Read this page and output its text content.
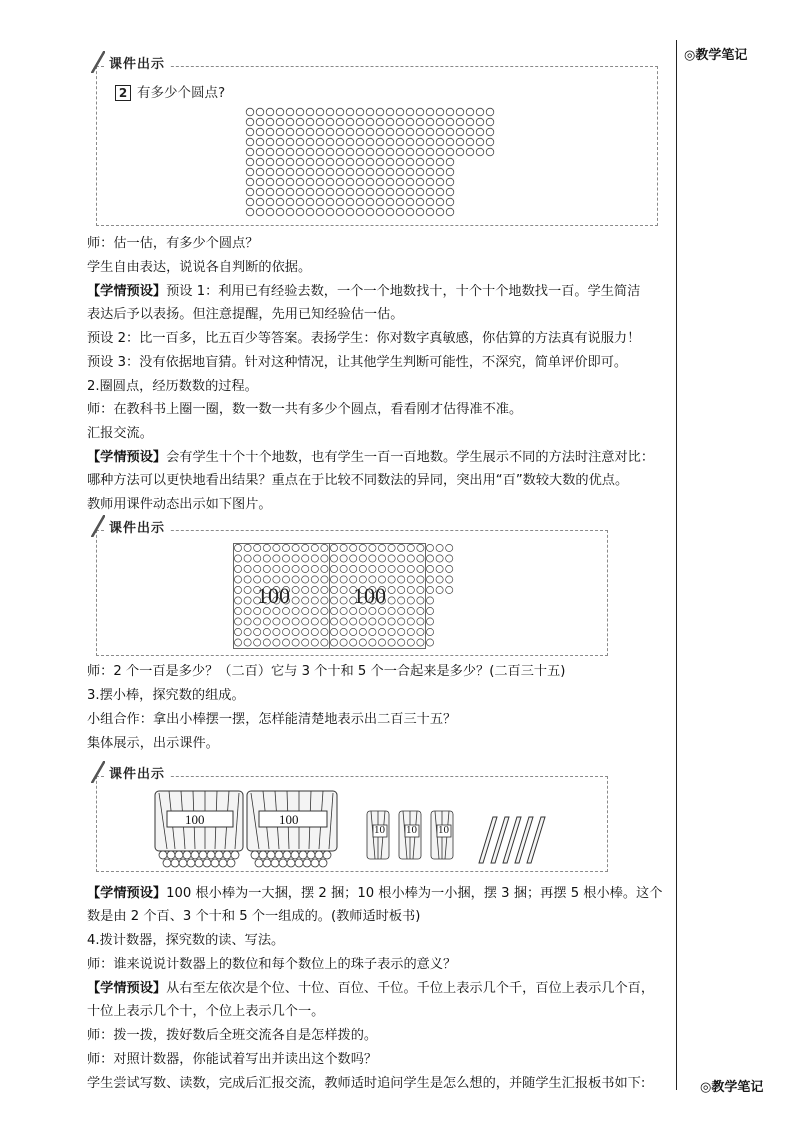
◎教学笔记
◎教学笔记
课件出示
2 有多少个圆点?
师：估一估，有多少个圆点？
学生自由表达，说说各自判断的依据。
【学情预设】预设 1：利用已有经验去数，一个一个地数找十，十个十个地数找一百。学生简洁
表达后予以表扬。但注意提醒，先用已知经验估一估。
预设 2：比一百多，比五百少等答案。表扬学生：你对数字真敏感，你估算的方法真有说服力！
预设 3：没有依据地盲猜。针对这种情况，让其他学生判断可能性，不深究，简单评价即可。
2.圈圆点，经历数数的过程。
师：在教科书上圈一圈，数一数一共有多少个圆点，看看刚才估得准不准。
汇报交流。
【学情预设】会有学生十个十个地数，也有学生一百一百地数。学生展示不同的方法时注意对比：
哪种方法可以更快地看出结果？重点在于比较不同数法的异同，突出用“百”数较大数的优点。
教师用课件动态出示如下图片。
课件出示
100	100
师：2 个一百是多少？（二百）它与 3 个十和 5 个一合起来是多少？(二百三十五)
3.摆小棒，探究数的组成。
小组合作：拿出小棒摆一摆，怎样能清楚地表示出二百三十五？
集体展示，出示课件。
课件出示
100	100
10 10 10
【学情预设】100 根小棒为一大捆，摆 2 捆；10 根小棒为一小捆，摆 3 捆；再摆 5 根小棒。这个
数是由 2 个百、3 个十和 5 个一组成的。(教师适时板书)
4.拨计数器，探究数的读、写法。
师：谁来说说计数器上的数位和每个数位上的珠子表示的意义？
【学情预设】从右至左依次是个位、十位、百位、千位。千位上表示几个千，百位上表示几个百，
十位上表示几个十，个位上表示几个一。
师：拨一拨，拨好数后全班交流各自是怎样拨的。
师：对照计数器，你能试着写出并读出这个数吗？
学生尝试写数、读数，完成后汇报交流，教师适时追问学生是怎么想的，并随学生汇报板书如下:
